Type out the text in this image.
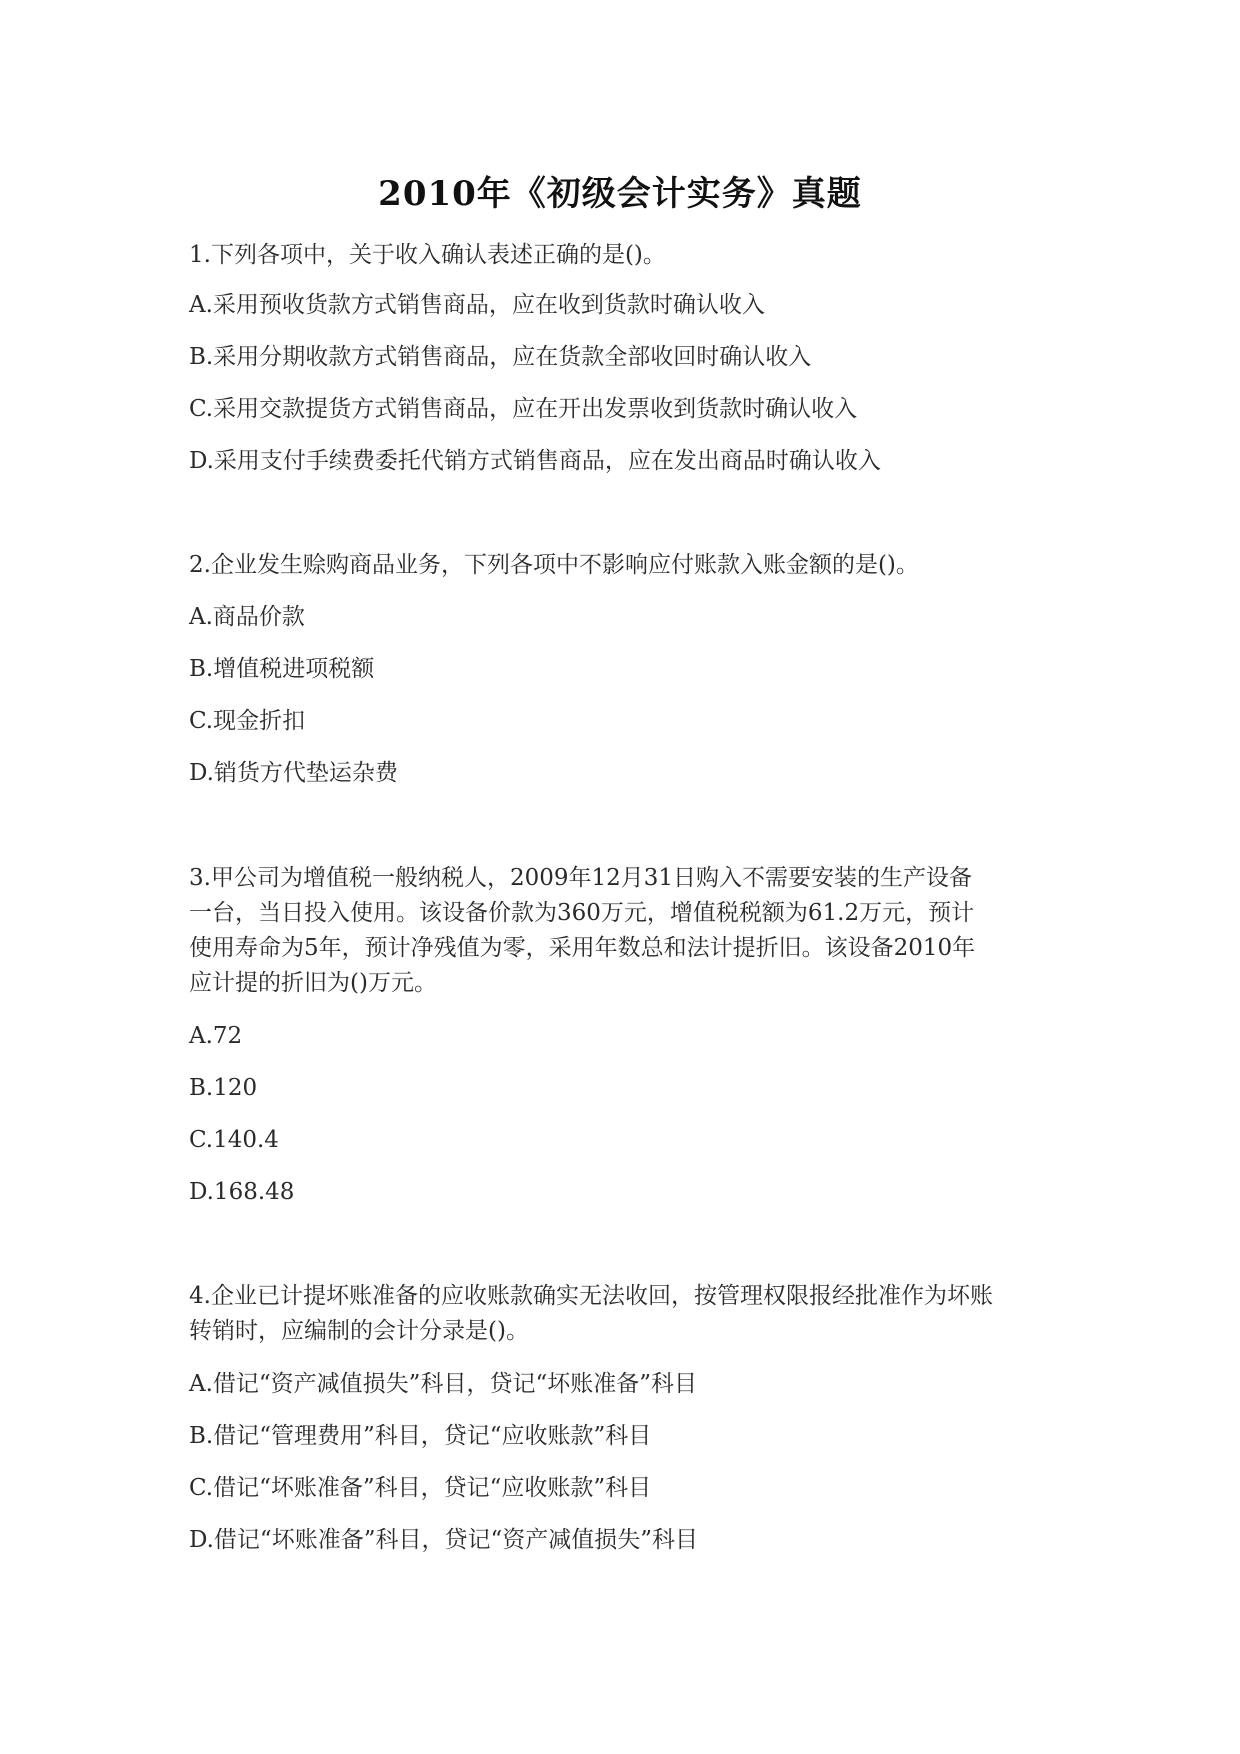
2010年《初级会计实务》真题
1.下列各项中，关于收入确认表述正确的是()。
A.采用预收货款方式销售商品，应在收到货款时确认收入
B.采用分期收款方式销售商品，应在货款全部收回时确认收入
C.采用交款提货方式销售商品，应在开出发票收到货款时确认收入
D.采用支付手续费委托代销方式销售商品，应在发出商品时确认收入
2.企业发生赊购商品业务，下列各项中不影响应付账款入账金额的是()。
A.商品价款
B.增值税进项税额
C.现金折扣
D.销货方代垫运杂费
3.甲公司为增值税一般纳税人，2009年12月31日购入不需要安装的生产设备
一台，当日投入使用。该设备价款为360万元，增值税税额为61.2万元，预计
使用寿命为5年，预计净残值为零，采用年数总和法计提折旧。该设备2010年
应计提的折旧为()万元。
A.72
B.120
C.140.4
D.168.48
4.企业已计提坏账准备的应收账款确实无法收回，按管理权限报经批准作为坏账
转销时，应编制的会计分录是()。
A.借记“资产减值损失”科目，贷记“坏账准备”科目
B.借记“管理费用”科目，贷记“应收账款”科目
C.借记“坏账准备”科目，贷记“应收账款”科目
D.借记“坏账准备”科目，贷记“资产减值损失”科目
